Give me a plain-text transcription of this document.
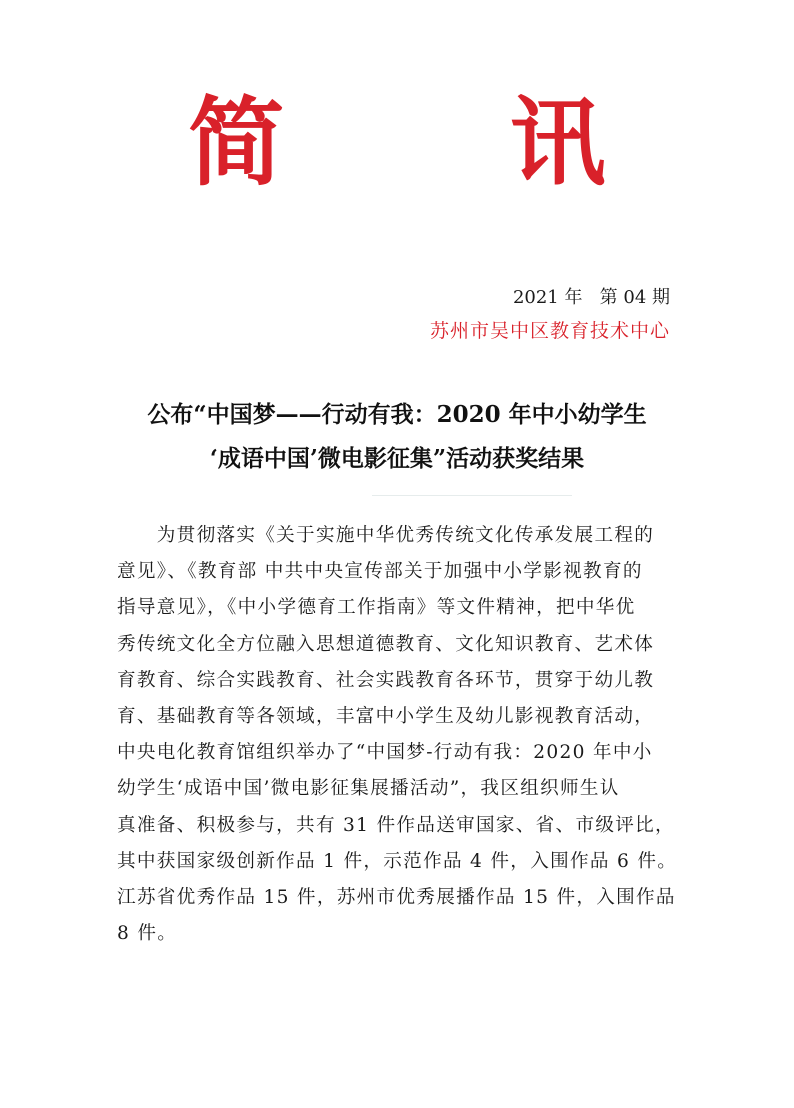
简 讯
2021 年   第 04 期
苏州市吴中区教育技术中心
公布“中国梦——行动有我：2020 年中小幼学生
‘成语中国’微电影征集”活动获奖结果
　　为贯彻落实《关于实施中华优秀传统文化传承发展工程的
意见》、《教育部 中共中央宣传部关于加强中小学影视教育的
指导意见》，《中小学德育工作指南》等文件精神，把中华优
秀传统文化全方位融入思想道德教育、文化知识教育、艺术体
育教育、综合实践教育、社会实践教育各环节，贯穿于幼儿教
育、基础教育等各领域，丰富中小学生及幼儿影视教育活动，
中央电化教育馆组织举办了“中国梦-行动有我：2020 年中小
幼学生‘成语中国’微电影征集展播活动”，我区组织师生认
真准备、积极参与，共有 31 件作品送审国家、省、市级评比，
其中获国家级创新作品 1 件，示范作品 4 件，入围作品 6 件。
江苏省优秀作品 15 件，苏州市优秀展播作品 15 件，入围作品
8 件。
